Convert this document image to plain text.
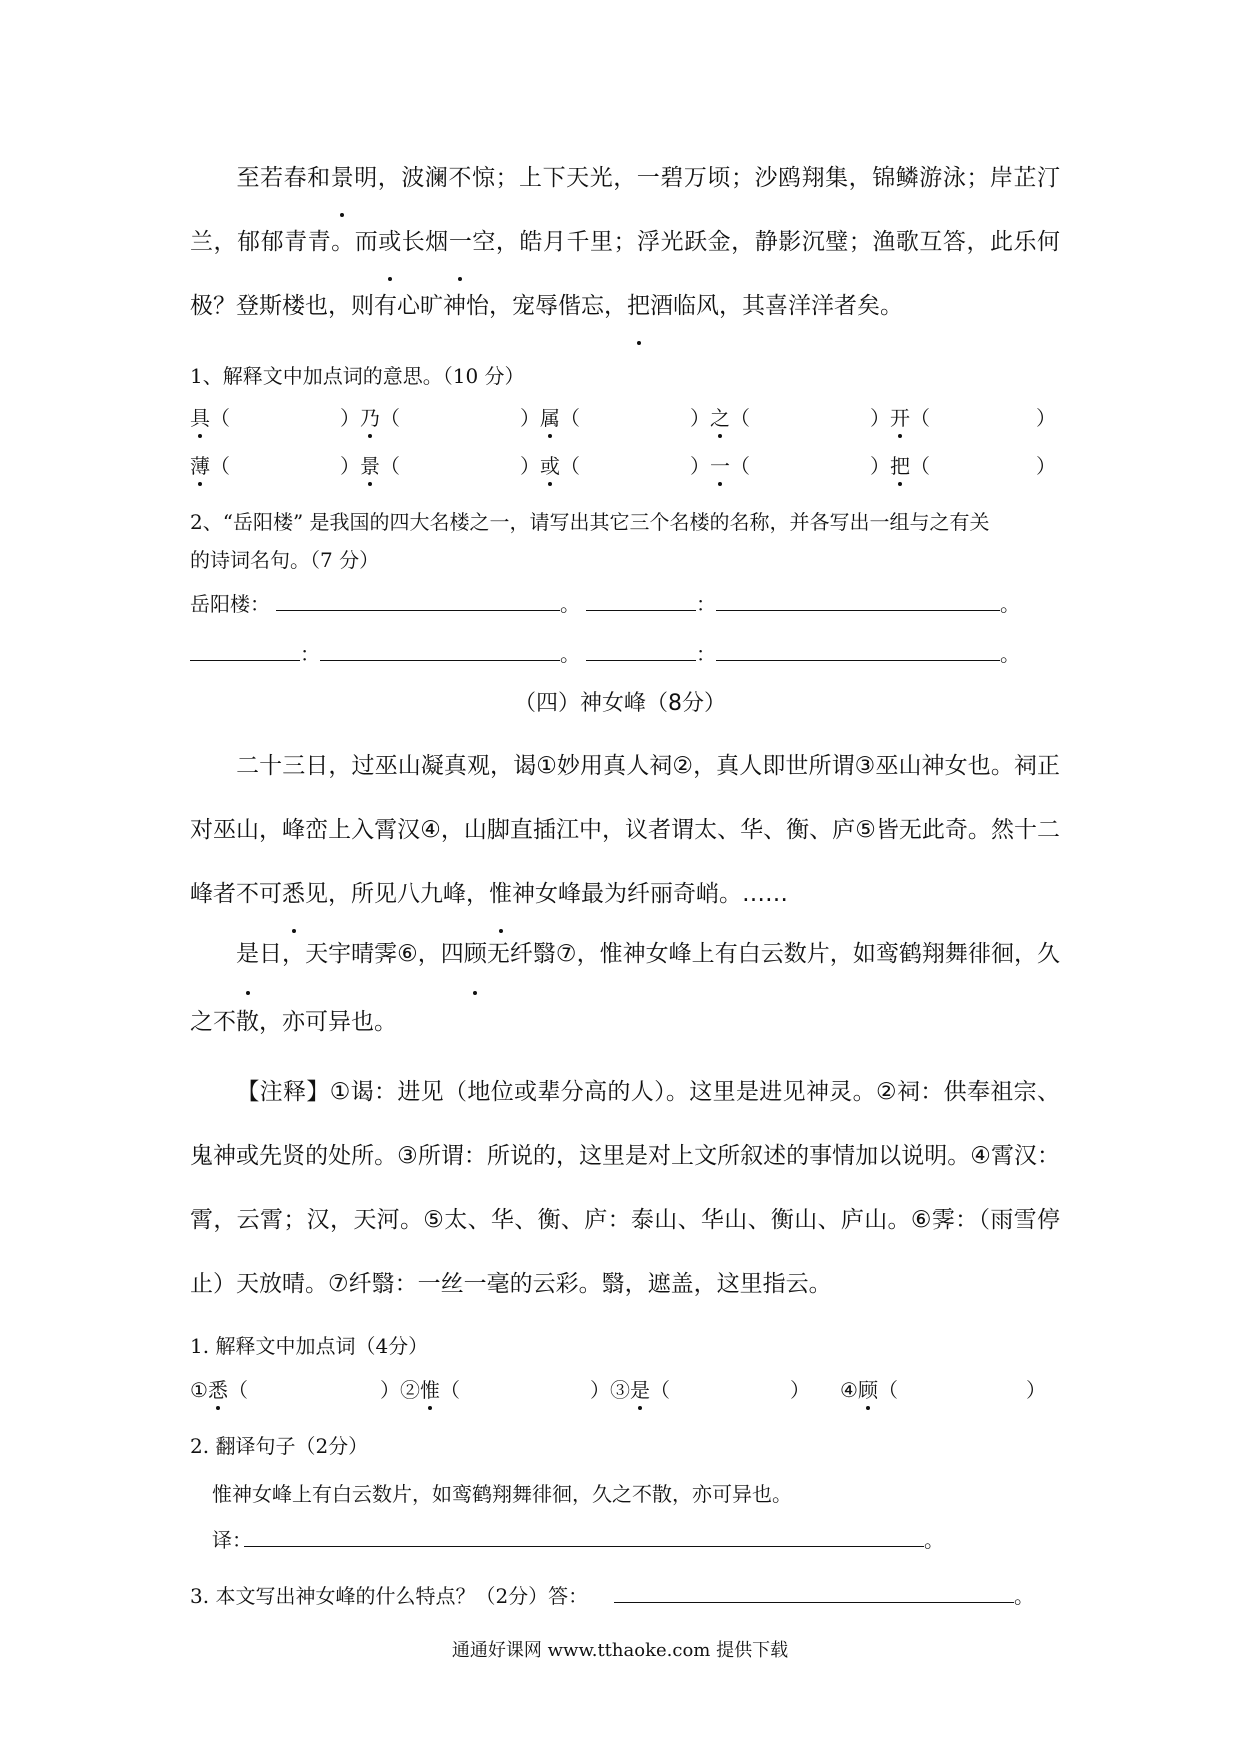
至若春和景明，波澜不惊；上下天光，一碧万顷；沙鸥翔集，锦鳞游泳；岸芷汀兰，郁郁青青。而或长烟一空，皓月千里；浮光跃金，静影沉璧；渔歌互答，此乐何极？登斯楼也，则有心旷神怡，宠辱偕忘，把酒临风，其喜洋洋者矣。

1、解释文中加点词的意思。（10 分）

具（	）乃（	）属（	）之（	）开（	）
薄（	）景（	）或（	）一（	）把（	）

2、“岳阳楼” 是我国的四大名楼之一，请写出其它三个名楼的名称，并各写出一组与之有关

的诗词名句。（7 分）

岳阳楼：	。	：	。
：	。	：	。

（四）神女峰（8分）

二十三日，过巫山凝真观，谒①妙用真人祠②，真人即世所谓③巫山神女也。祠正对巫山，峰峦上入霄汉④，山脚直插江中，议者谓太、华、衡、庐⑤皆无此奇。然十二峰者不可悉见，所见八九峰，惟神女峰最为纤丽奇峭。……

是日，天宇晴霁⑥，四顾无纤翳⑦，惟神女峰上有白云数片，如鸾鹤翔舞徘徊，久之不散，亦可异也。

【注释】①谒：进见（地位或辈分高的人）。这里是进见神灵。②祠：供奉祖宗、鬼神或先贤的处所。③所谓：所说的，这里是对上文所叙述的事情加以说明。④霄汉：霄，云霄；汉，天河。⑤太、华、衡、庐：泰山、华山、衡山、庐山。⑥霁：（雨雪停止）天放晴。⑦纤翳：一丝一毫的云彩。翳，遮盖，这里指云。

1. 解释文中加点词（4分）

①悉（	）②惟（	）③是（	） ④顾（	）

2. 翻译句子（2分）

惟神女峰上有白云数片，如鸾鹤翔舞徘徊，久之不散，亦可异也。

译：	。
3. 本文写出神女峰的什么特点？（2分）答：	。

通通好课网 www.tthaoke.com 提供下载
